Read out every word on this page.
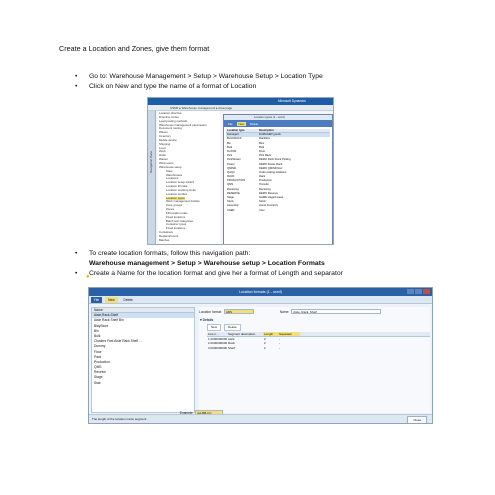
Create a Location and Zones, give them format
• Go to: Warehouse Management > Setup > Warehouse Setup > Location Type
• Click on New and type the name of a format of Location
Microsoft Dynamics
USMF ▸ Warehouse management ▸ Area page
Navigation Pane
Location directive
Directive codes
Load posting methods
Warehouse management parameters
Document routing
Waves
Inventory
Mobile device
Shipping
Load
Work
Hubs
Waves
Work users
Warehouse setup
Sites
Warehouses
Locations
Location setup wizard
Location formats
Location stocking limits
Location profiles
Location types
Work management bottles
Zone groups
Zones
Fill location rules
Fixed locations
Batch sub categories
Container types
Fixed locations
Containers
Replenishment
Batches
Location types (1 - usmf)
File	New	Delete
Location type	Description
Damaged	DAMAGED goods
BULKRACK	Rackflow
Bin	Bins
Bulk	Bulk
FLOOR	Floor
Pick	Pick Rack
PickStream	DEMO Pack Stock Picking
Power	DEMO Power Rack
QMIND	DEMO QMIND Rec
QAQA	Order picking locations
RACK	Rack
PRODUCTION	Production
QMS	Transfer
Receiving	Receiving
RESERVE	DEMO Reserve
Stage	GAME staged areas
Stock	Stock
Assembly	Home Inventory
USER	User
• To create location formats, follow this navigation path:
Warehouse management > Setup > Warehouse setup > Location Formats
• Create a Name for the location format and give her a format of Length and separator
●
Location formats (1 - usmf)
File	New	Delete
Name
Aisle,Rack,Shelf
Aisle Rack Shelf Bin
BlayStore
Bin
Bulk
Clusters First Aisle Rack Shelf ...
Dummy
Floor
Pack
Production
QMS
Receive
Stage
Stair
Location format:	ARS	Name:	Aisle, Rack, Shelf
▾ Details
New	Delete
Line n...	Segment description	Length	Separator
1.0000000000 Aisle	2	-
2.0000000000 Rack	2	-
3.0000000000 Shelf	2	-
Example:	AA-BB-CC
The length of the location name segment	Close
